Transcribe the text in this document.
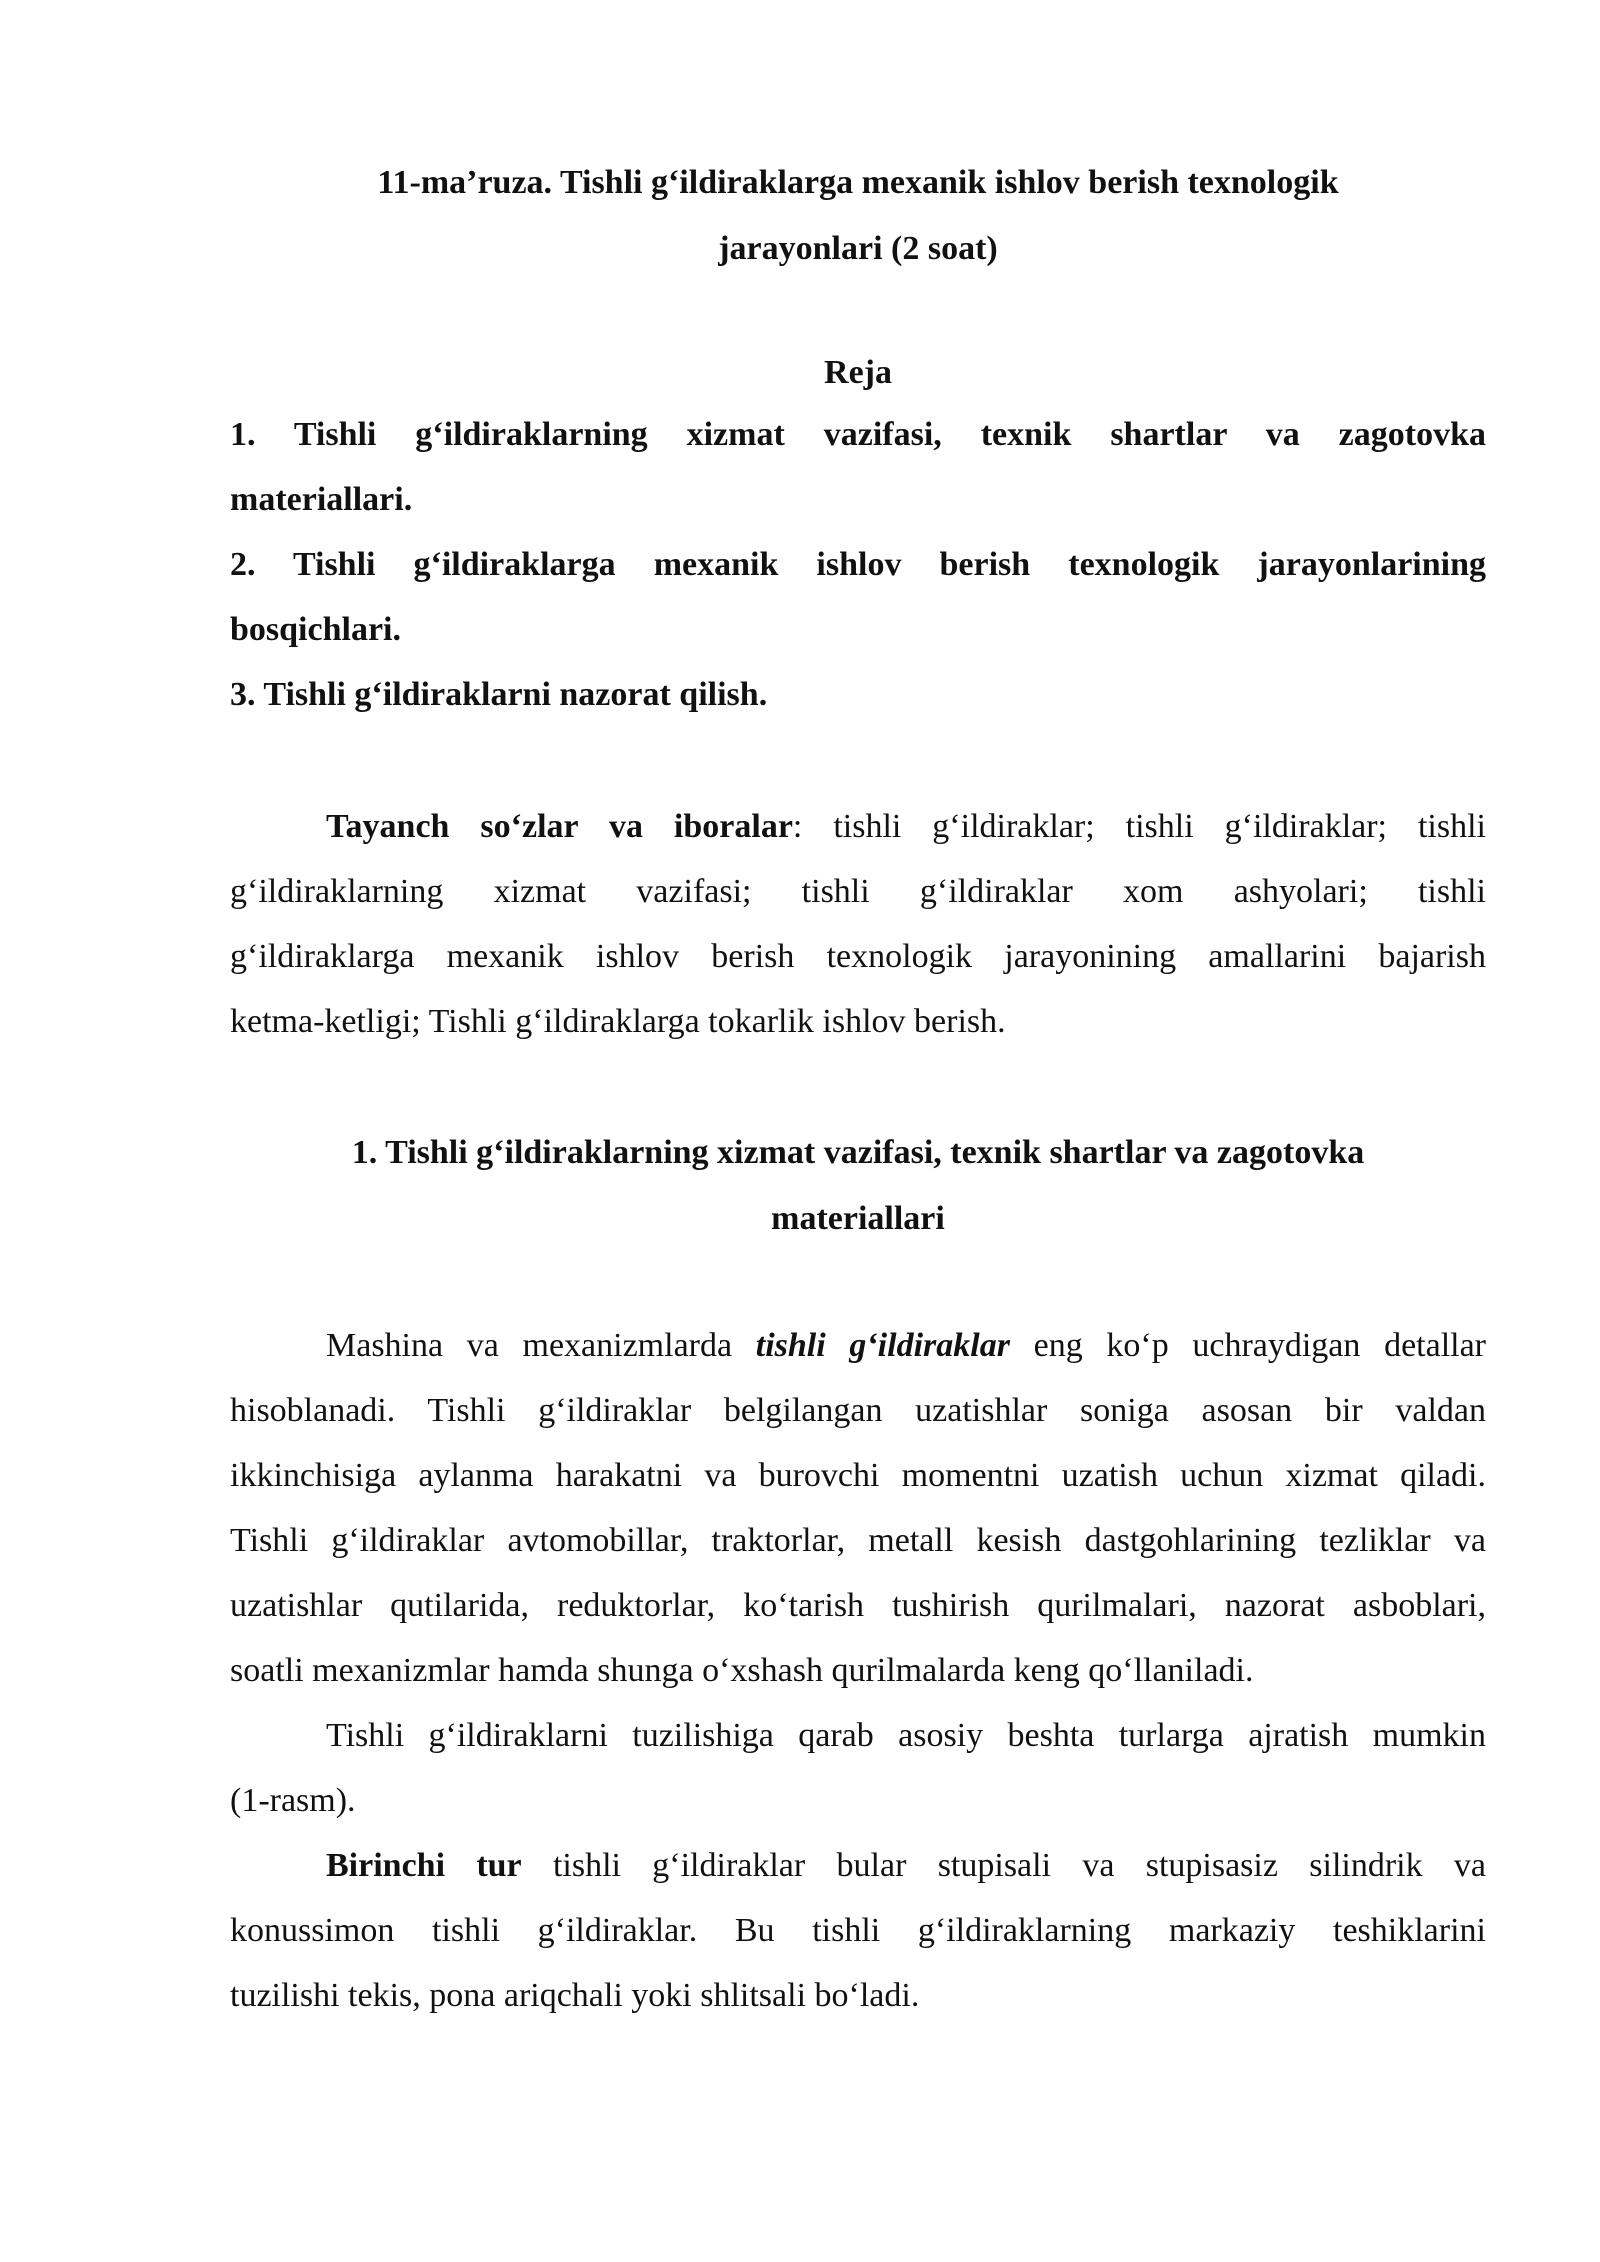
11-ma’ruza. Tishli g‘ildiraklarga mexanik ishlov berish texnologik
jarayonlari (2 soat)
Reja
1. Tishli g‘ildiraklarning xizmat vazifasi, texnik shartlar va zagotovka
materiallari.
2. Tishli g‘ildiraklarga mexanik ishlov berish texnologik jarayonlarining
bosqichlari.
3. Tishli g‘ildiraklarni nazorat qilish.
Tayanch so‘zlar va iboralar: tishli g‘ildiraklar; tishli g‘ildiraklar; tishli
g‘ildiraklarning xizmat vazifasi; tishli g‘ildiraklar xom ashyolari; tishli
g‘ildiraklarga mexanik ishlov berish texnologik jarayonining amallarini bajarish
ketma-ketligi; Tishli g‘ildiraklarga tokarlik ishlov berish.
1. Tishli g‘ildiraklarning xizmat vazifasi, texnik shartlar va zagotovka
materiallari
Mashina va mexanizmlarda tishli g‘ildiraklar eng ko‘p uchraydigan detallar
hisoblanadi. Tishli g‘ildiraklar belgilangan uzatishlar soniga asosan bir valdan
ikkinchisiga aylanma harakatni va burovchi momentni uzatish uchun xizmat qiladi.
Tishli g‘ildiraklar avtomobillar, traktorlar, metall kesish dastgohlarining tezliklar va
uzatishlar qutilarida, reduktorlar, ko‘tarish tushirish qurilmalari, nazorat asboblari,
soatli mexanizmlar hamda shunga o‘xshash qurilmalarda keng qo‘llaniladi.
Tishli g‘ildiraklarni tuzilishiga qarab asosiy beshta turlarga ajratish mumkin
(1-rasm).
Birinchi tur tishli g‘ildiraklar bular stupisali va stupisasiz silindrik va
konussimon tishli g‘ildiraklar. Bu tishli g‘ildiraklarning markaziy teshiklarini
tuzilishi tekis, pona ariqchali yoki shlitsali bo‘ladi.
